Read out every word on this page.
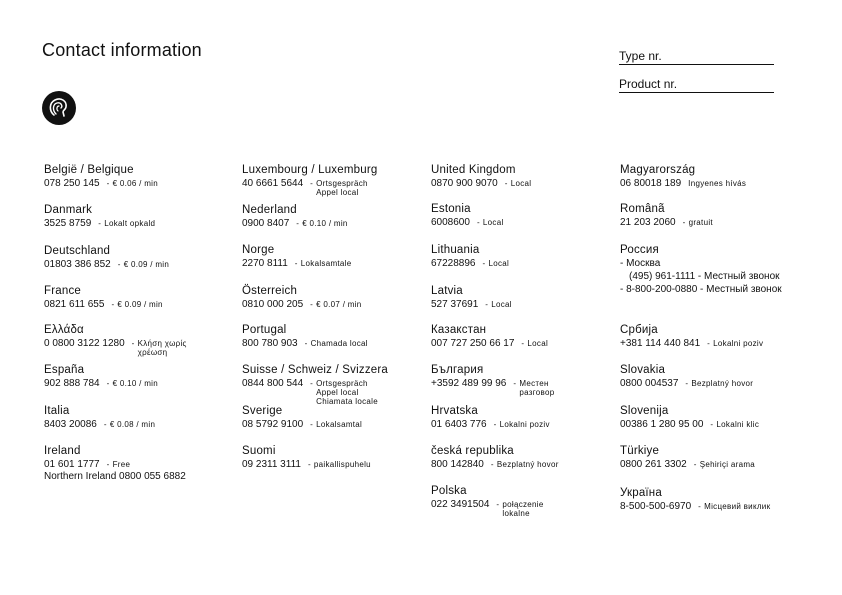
Contact information	Type nr.
Product nr.
België / Belgique
078 250 145 - € 0.06 / min
Danmark
3525 8759 - Lokalt opkald
Deutschland
01803 386 852 - € 0.09 / min
France
0821 611 655 - € 0.09 / min
Ελλάδα
0 0800 3122 1280 - Κλήση χωρίς
χρέωση
España
902 888 784 - € 0.10 / min
Italia
8403 20086 - € 0.08 / min
Ireland
01 601 1777 - Free
Northern Ireland 0800 055 6882
Luxembourg / Luxemburg
40 6661 5644 - Ortsgespräch
Appel local
Nederland
0900 8407 - € 0.10 / min
Norge
2270 8111 - Lokalsamtale
Österreich
0810 000 205 - € 0.07 / min
Portugal
800 780 903 - Chamada local
Suisse / Schweiz / Svizzera
0844 800 544 - Ortsgespräch
Appel local
Chiamata locale
Sverige
08 5792 9100 - Lokalsamtal
Suomi
09 2311 3111 - paikallispuhelu
United Kingdom
0870 900 9070 - Local
Estonia
6008600 - Local
Lithuania
67228896 - Local
Latvia
527 37691 - Local
Казакстан
007 727 250 66 17 - Local
България
+3592 489 99 96 - Местен
разговор
Hrvatska
01 6403 776 - Lokalni poziv
česká republika
800 142840 - Bezplatný hovor
Polska
022 3491504 - połączenie
lokalne
Magyarország
06 80018 189 Ingyenes hívás
Românã
21 203 2060 - gratuit
Россия
- Москва
(495) 961-1111 - Местный звонок
- 8-800-200-0880 - Местный звонок
Србија
+381 114 440 841 - Lokalni poziv
Slovakia
0800 004537 - Bezplatný hovor
Slovenija
00386 1 280 95 00 - Lokalni klic
Türkiye
0800 261 3302 - Şehiriçi arama
Україна
8-500-500-6970 - Місцевий виклик
